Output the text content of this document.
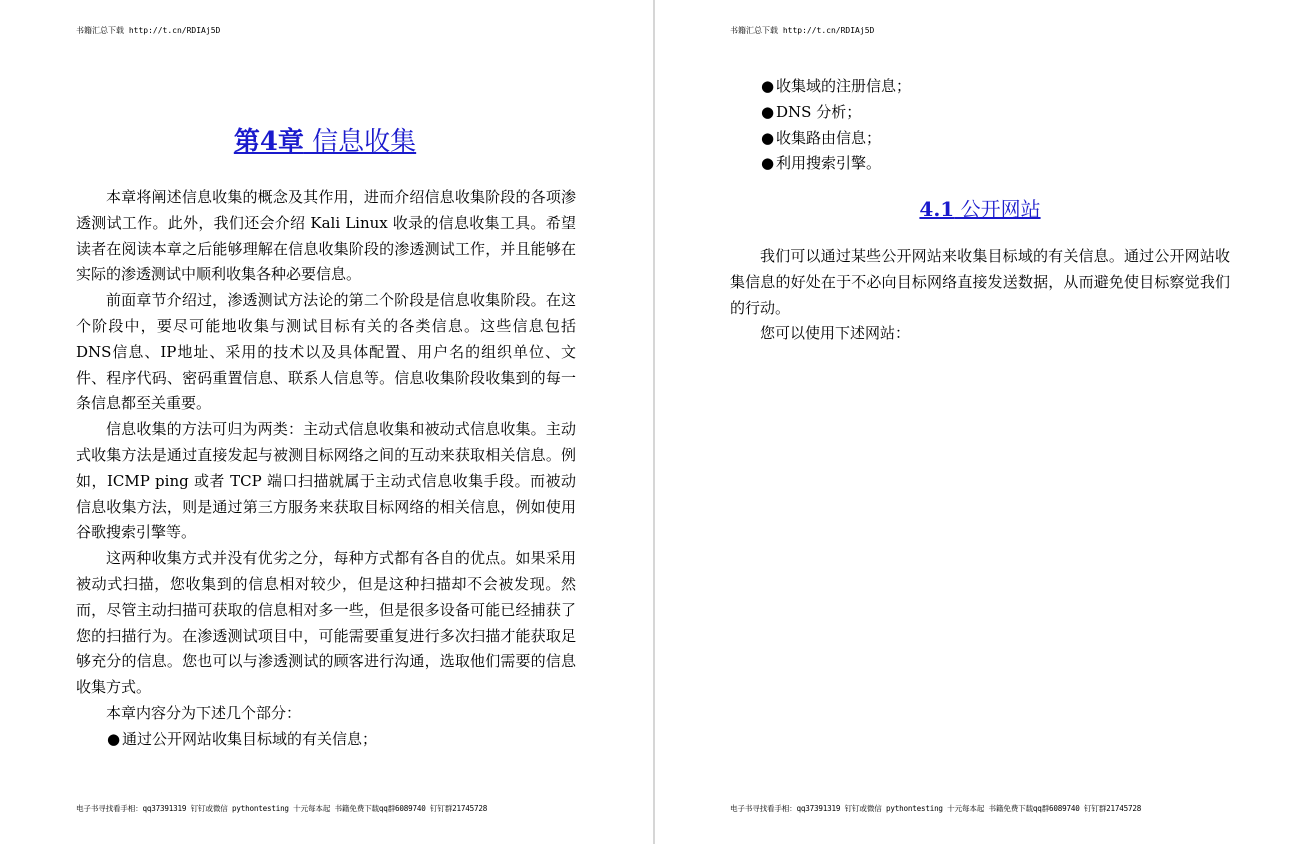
书籍汇总下载 http://t.cn/RDIAj5D
第4章 信息收集

本章将阐述信息收集的概念及其作用，进而介绍信息收集阶段的各项渗透测试工作。此外，我们还会介绍 Kali Linux 收录的信息收集工具。希望读者在阅读本章之后能够理解在信息收集阶段的渗透测试工作，并且能够在实际的渗透测试中顺利收集各种必要信息。

前面章节介绍过，渗透测试方法论的第二个阶段是信息收集阶段。在这个阶段中，要尽可能地收集与测试目标有关的各类信息。这些信息包括DNS信息、IP地址、采用的技术以及具体配置、用户名的组织单位、文件、程序代码、密码重置信息、联系人信息等。信息收集阶段收集到的每一条信息都至关重要。

信息收集的方法可归为两类：主动式信息收集和被动式信息收集。主动式收集方法是通过直接发起与被测目标网络之间的互动来获取相关信息。例如，ICMP ping 或者 TCP 端口扫描就属于主动式信息收集手段。而被动信息收集方法，则是通过第三方服务来获取目标网络的相关信息，例如使用谷歌搜索引擎等。

这两种收集方式并没有优劣之分，每种方式都有各自的优点。如果采用被动式扫描，您收集到的信息相对较少，但是这种扫描却不会被发现。然而，尽管主动扫描可获取的信息相对多一些，但是很多设备可能已经捕获了您的扫描行为。在渗透测试项目中，可能需要重复进行多次扫描才能获取足够充分的信息。您也可以与渗透测试的顾客进行沟通，选取他们需要的信息收集方式。

本章内容分为下述几个部分：

● 通过公开网站收集目标域的有关信息；
电子书寻找看手相：qq37391319 钉钉或微信 pythontesting 十元每本起 书籍免费下载qq群6089740 钉钉群21745728
书籍汇总下载 http://t.cn/RDIAj5D
● 收集域的注册信息；
● DNS 分析；
● 收集路由信息；
● 利用搜索引擎。
4.1 公开网站

我们可以通过某些公开网站来收集目标域的有关信息。通过公开网站收集信息的好处在于不必向目标网络直接发送数据，从而避免使目标察觉我们的行动。

您可以使用下述网站：

电子书寻找看手相：qq37391319 钉钉或微信 pythontesting 十元每本起 书籍免费下载qq群6089740 钉钉群21745728
